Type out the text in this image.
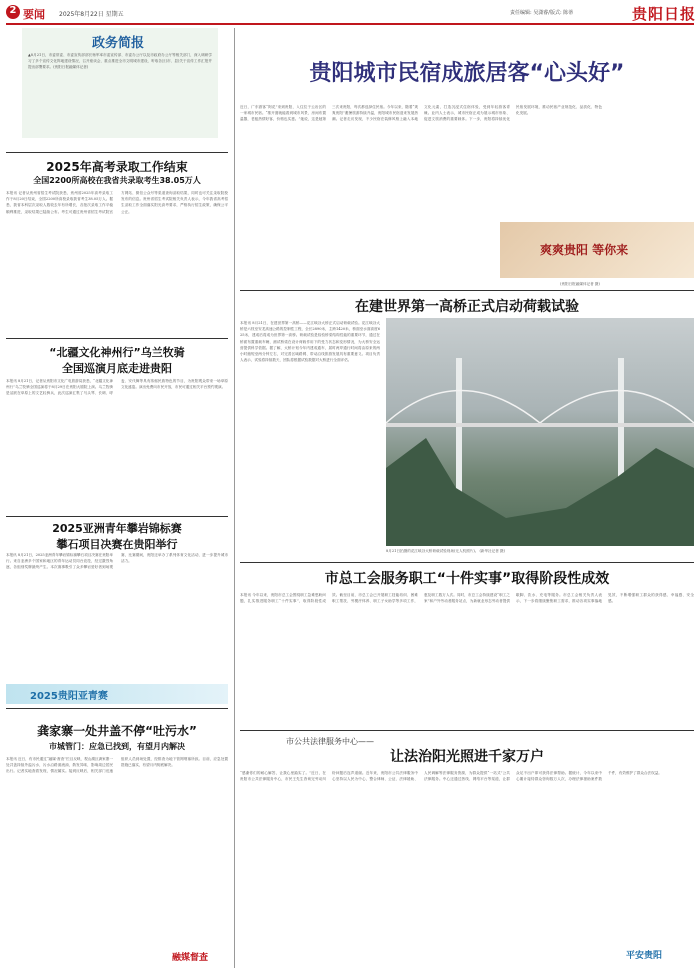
2 要闻 2025年8月22日 星期五	责任编辑: 吴潇睿/版式: 陈蒂	贵阳日报
政务简报
▲8月21日，市委常委、市委宣传部部长杨军率市委宣传部、市委办公厅以及市政府办公厅等相关部门，深入调研学习了多个宣传文化阵地建设情况，召开座谈会，重点推进全市文明城市建设，听取各区(市、县)关于宣传工作汇报并提出部署要求。(贵阳日报融媒体记者)
2025年高考录取工作结束
全国2200所高校在我省共录取考生38.05万人
本报讯 记者从贵州省招生考试院获悉，贵州省2025年高考录取工作于8月20日结束，全国2200所高校录取我省考生38.05万人。据悉，我省本科层次录取人数较去年有所增长，各批次录取工作平稳顺利推进，录取结果已陆续公布。考生可通过贵州省招生考试院官方网站、微信公众号等渠道查询录取结果，同时也可关注录取院校发布的信息。贵州省招生考试院相关负责人表示，今年我省高考招生录取工作全面落实阳光高考要求，严格执行招生政策，确保公平公正。
“北疆文化神州行”乌兰牧骑
全国巡演月底走进贵阳
本报讯 8月21日，记者从贵阳市文化广电旅游局获悉，“北疆文化神州行”乌兰牧骑全国巡演将于8月29日在贵阳大剧院上演。乌兰牧骑是活跃在草原上的文艺轻骑兵，此次巡演汇集了马头琴、长调、呼麦、安代舞等具有浓郁民族特色的节目，为贵阳观众带来一场草原文化盛宴。演出免费向市民开放，市民可通过相关平台预约观演。
2025亚洲青年攀岩锦标赛
攀石项目决赛在贵阳举行
本报讯 8月21日，2025亚洲青年攀岩锦标赛攀石项目决赛在贵阳举行。来自亚洲多个国家和地区的青年运动员同台竞技，经过激烈角逐，各组别奖牌最终产生。本次赛事吸引了众多攀岩爱好者到场观赛，比赛期间，贵阳还举办了系列体育文化活动，进一步提升城市活力。
2025贵阳亚青赛
龚家寨一处井盖不停“吐污水”
市城管门：应急已找到，有望月内解决
本报讯 近日，有市民通过“融媒·督查”栏目反映，观山湖区龚家寨一处井盖持续外溢污水，污水沿路面流淌，散发异味，影响周边居民出行。记者实地查看发现，情况属实。接到反映后，相关部门迅速组织人员到场处置，经排查为地下管网堵塞所致。目前，应急处置措施已落实，有望月内彻底解决。
融媒督查
贵阳城市民宿成旅居客“心头好”
近日，广东游客“阿花”来到贵阳，入住位于云岩区的一家城市民宿。“推开窗就能看到城市风景，房间布置温馨，老板热情好客，价格也实惠。”她说，这是她第三次来贵阳，每次都选择住民宿。今年以来，随着“爽爽贵阳”避暑旅游持续升温，贵阳城市民宿迎来发展热潮。记者走访发现，不少民宿在装修风格上融入本地文化元素，打造沉浸式住宿体验，受到年轻游客青睐。业内人士表示，城市民宿正成为展示城市形象、促进文旅消费的重要载体。下一步，贵阳将持续优化民宿发展环境，推动民宿产业规范化、品质化、特色化发展。
爽爽贵阳 等你来
(贵阳日报融媒体记者 摄)
在建世界第一高桥正式启动荷载试验
本报讯 8月21日，在建世界第一高桥——花江峡谷大桥正式启动荷载试验。花江峡谷大桥是六枝至安龙高速公路的控制性工程，全长2890米，主跨1420米，桥面至水面高度625米，建成后将成为世界第一高桥。荷载试验是检验桥梁结构性能的重要环节，通过在桥面布置重载车辆，测试桥梁在设计荷载作用下的受力状态和变形情况，为大桥安全运营提供科学依据。据了解，大桥计划今年内建成通车，届时两岸通行时间将由原来的两小时缩短至两分钟左右，对完善区域路网、带动沿线旅游发展具有重要意义。项目负责人表示，试验将持续数天，团队将根据试验数据对大桥进行全面评估。
8月21日拍摄的花江峡谷大桥荷载试验现场(无人机照片)。 (新华社记者 摄)
市总工会服务职工“十件实事”取得阶段性成效
本报讯 今年以来，贵阳市总工会围绕职工急难愁盼问题，扎实推进服务职工“十件实事”，取得阶段性成效。截至目前，市总工会已开展职工技能培训、困难职工帮扶、劳模疗休养、职工子女助学等多项工作，惠及职工数万人次。同时，市总工会持续建设“职工之家”和户外劳动者服务站点，为新就业形态劳动者提供歇脚、饮水、充电等服务。市总工会相关负责人表示，下一步将继续聚焦职工需求，推动各项实事落地见效，不断增强职工群众的获得感、幸福感、安全感。
市公共法律服务中心——
让法治阳光照进千家万户
“感谢你们的耐心解答，让我心里踏实了。”近日，在贵阳市公共法律服务中心，市民王先生咨询完劳动纠纷问题后连声道谢。近年来，贵阳市公共法律服务中心坚持以人民为中心，整合律师、公证、法律援助、人民调解等法律服务资源，为群众提供“一站式”公共法律服务。中心还通过热线、网络平台等渠道，让群众足不出户即可获得法律帮助。据统计，今年以来中心累计接待群众咨询数万人次，办理法律援助案件数千件，有效维护了群众合法权益。
平安贵阳
